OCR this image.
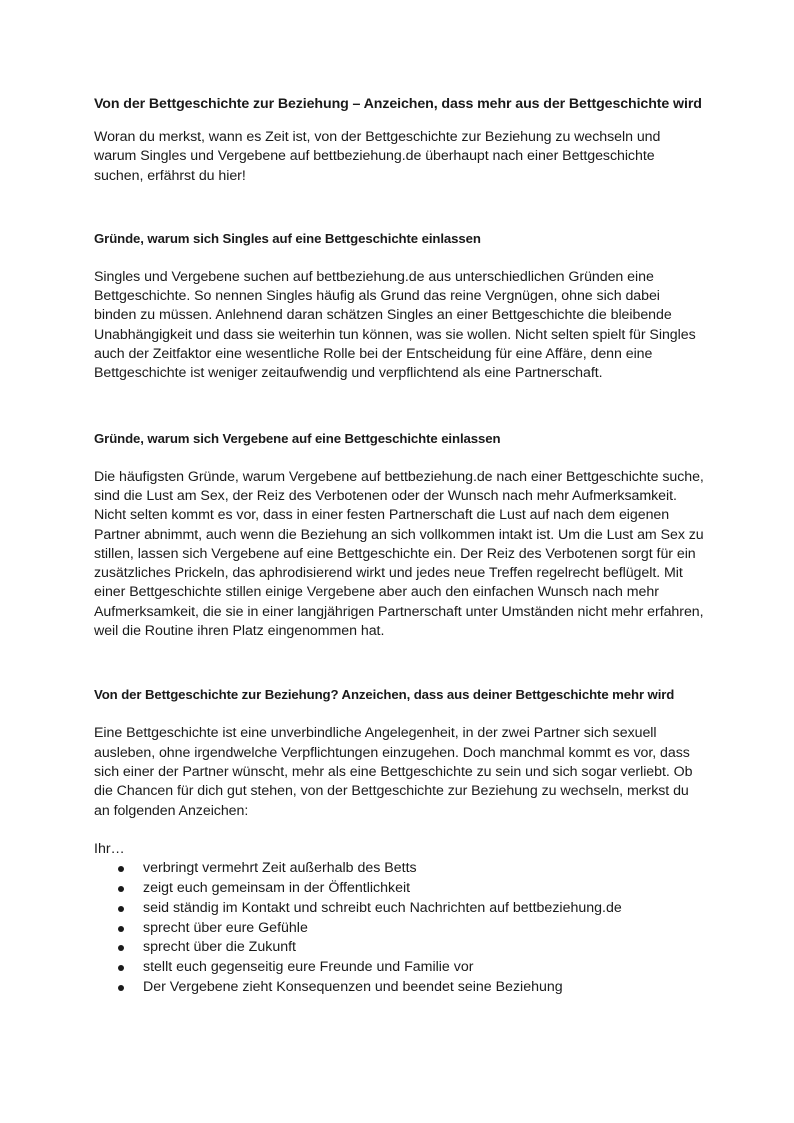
Von der Bettgeschichte zur Beziehung – Anzeichen, dass mehr aus der Bettgeschichte wird

Woran du merkst, wann es Zeit ist, von der Bettgeschichte zur Beziehung zu wechseln und warum Singles und Vergebene auf bettbeziehung.de überhaupt nach einer Bettgeschichte suchen, erfährst du hier!

Gründe, warum sich Singles auf eine Bettgeschichte einlassen

Singles und Vergebene suchen auf bettbeziehung.de aus unterschiedlichen Gründen eine Bettgeschichte. So nennen Singles häufig als Grund das reine Vergnügen, ohne sich dabei binden zu müssen. Anlehnend daran schätzen Singles an einer Bettgeschichte die bleibende Unabhängigkeit und dass sie weiterhin tun können, was sie wollen. Nicht selten spielt für Singles auch der Zeitfaktor eine wesentliche Rolle bei der Entscheidung für eine Affäre, denn eine Bettgeschichte ist weniger zeitaufwendig und verpflichtend als eine Partnerschaft.

Gründe, warum sich Vergebene auf eine Bettgeschichte einlassen

Die häufigsten Gründe, warum Vergebene auf bettbeziehung.de nach einer Bettgeschichte suche, sind die Lust am Sex, der Reiz des Verbotenen oder der Wunsch nach mehr Aufmerksamkeit. Nicht selten kommt es vor, dass in einer festen Partnerschaft die Lust auf nach dem eigenen Partner abnimmt, auch wenn die Beziehung an sich vollkommen intakt ist. Um die Lust am Sex zu stillen, lassen sich Vergebene auf eine Bettgeschichte ein. Der Reiz des Verbotenen sorgt für ein zusätzliches Prickeln, das aphrodisierend wirkt und jedes neue Treffen regelrecht beflügelt. Mit einer Bettgeschichte stillen einige Vergebene aber auch den einfachen Wunsch nach mehr Aufmerksamkeit, die sie in einer langjährigen Partnerschaft unter Umständen nicht mehr erfahren, weil die Routine ihren Platz eingenommen hat.

Von der Bettgeschichte zur Beziehung? Anzeichen, dass aus deiner Bettgeschichte mehr wird

Eine Bettgeschichte ist eine unverbindliche Angelegenheit, in der zwei Partner sich sexuell ausleben, ohne irgendwelche Verpflichtungen einzugehen. Doch manchmal kommt es vor, dass sich einer der Partner wünscht, mehr als eine Bettgeschichte zu sein und sich sogar verliebt. Ob die Chancen für dich gut stehen, von der Bettgeschichte zur Beziehung zu wechseln, merkst du an folgenden Anzeichen:

Ihr…

verbringt vermehrt Zeit außerhalb des Betts
zeigt euch gemeinsam in der Öffentlichkeit
seid ständig im Kontakt und schreibt euch Nachrichten auf bettbeziehung.de
sprecht über eure Gefühle
sprecht über die Zukunft
stellt euch gegenseitig eure Freunde und Familie vor
Der Vergebene zieht Konsequenzen und beendet seine Beziehung
